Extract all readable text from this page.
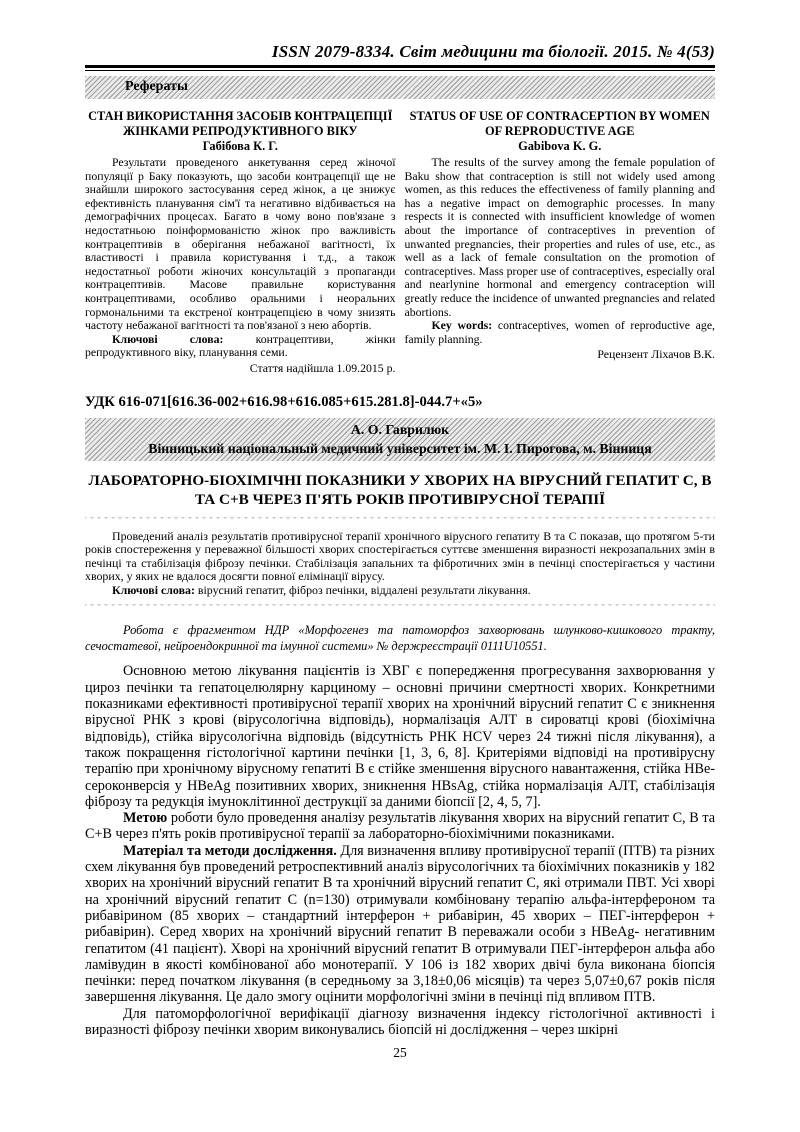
ISSN 2079-8334. Світ медицини та біології. 2015. № 4(53)
Рефераты
СТАН ВИКОРИСТАННЯ ЗАСОБІВ КОНТРАЦЕПЦІЇ
ЖІНКАМИ РЕПРОДУКТИВНОГО ВІКУ
Габібова К. Г.

Результати проведеного анкетування серед жіночої популяції р Баку показують, що засоби контрацепції ще не знайшли широкого застосування серед жінок, а це знижує ефективність планування сім'ї та негативно відбивається на демографічних процесах. Багато в чому воно пов'язане з недостатньою поінформованістю жінок про важливість контрацептивів в оберігання небажаної вагітності, їх властивості і правила користування і т.д., а також недостатньої роботи жіночих консультацій з пропаганди контрацептивів. Масове правильне користування контрацептивами, особливо оральними і неоральних гормональними та екстреної контрацепцією в чому знизять частоту небажаної вагітності та пов'язаної з нею абортів.

Ключові слова: контрацептиви, жінки репродуктивного віку, планування семи.

Стаття надійшла 1.09.2015 р.
STATUS OF USE OF CONTRACEPTION BY WOMEN
OF REPRODUCTIVE AGE
Gabibova K. G.

The results of the survey among the female population of Baku show that contraception is still not widely used among women, as this reduces the effectiveness of family planning and has a negative impact on demographic processes. In many respects it is connected with insufficient knowledge of women about the importance of contraceptives in prevention of unwanted pregnancies, their properties and rules of use, etc., as well as a lack of female consultation on the promotion of contraceptives. Mass proper use of contraceptives, especially oral and nearlynine hormonal and emergency contraception will greatly reduce the incidence of unwanted pregnancies and related abortions.

Key words: contraceptives, women of reproductive age, family planning.

Рецензент Ліхачов В.К.
УДК 616-071[616.36-002+616.98+616.085+615.281.8]-044.7+«5»
А. О. Гаврилюк
Вінницький національный медичний університет ім. М. І. Пирогова, м. Вінниця
ЛАБОРАТОРНО-БІОХІМІЧНІ ПОКАЗНИКИ У ХВОРИХ НА ВІРУСНИЙ ГЕПАТИТ С, В ТА С+В ЧЕРЕЗ П'ЯТЬ РОКІВ ПРОТИВІРУСНОЇ ТЕРАПІЇ

Проведений аналіз результатів противірусної терапії хронічного вірусного гепатиту В та С показав, що протягом 5-ти років спостереження у переважної більшості хворих спостерігається суттєве зменшення виразності некрозапальних змін в печінці та стабілізація фіброзу печінки. Стабілізація запальних та фібротичних змін в печінці спостерігається у частини хворих, у яких не вдалося досягти повної елімінації вірусу.

Ключові слова: вірусний гепатит, фіброз печінки, віддалені результати лікування.

Робота є фрагментом НДР «Морфогенез та патоморфоз захворювань шлунково-кишкового тракту, сечостатевої, нейроендокринної та імунної системи» № держреєстрації 0111U10551.

Основною метою лікування пацієнтів із ХВГ є попередження прогресування захворювання у цироз печінки та гепатоцелюлярну карциному – основні причини смертності хворих. Конкретними показниками ефективності противірусної терапії хворих на хронічний вірусний гепатит С є зникнення вірусної РНК з крові (вірусологічна відповідь), нормалізація АЛТ в сироватці крові (біохімічна відповідь), стійка вірусологічна відповідь (відсутність РНК HCV через 24 тижні після лікування), а також покращення гістологічної картини печінки [1, 3, 6, 8]. Критеріями відповіді на противірусну терапію при хронічному вірусному гепатиті В є стійке зменшення вірусного навантаження, стійка НВе-сероконверсія у HBeAg позитивних хворих, зникнення HBsAg, стійка нормалізація АЛТ, стабілізація фіброзу та редукція імуноклітинної деструкції за даними біопсії [2, 4, 5, 7].

Метою роботи було проведення аналізу результатів лікування хворих на вірусний гепатит С, В та С+В через п'ять років противірусної терапії за лабораторно-біохімічними показниками.

Матеріал та методи дослідження. Для визначення впливу противірусної терапії (ПТВ) та різних схем лікування був проведений ретроспективний аналіз вірусологічних та біохімічних показників у 182 хворих на хронічний вірусний гепатит В та хронічний вірусний гепатит С, які отримали ПВТ. Усі хворі на хронічний вірусний гепатит С (n=130) отримували комбіновану терапію альфа-інтерфероном та рибавірином (85 хворих – стандартний інтерферон + рибавірин, 45 хворих – ПЕГ-інтерферон + рибавірин). Серед хворих на хронічний вірусний гепатит В переважали особи з HBeAg- негативним гепатитом (41 пацієнт). Хворі на хронічний вірусний гепатит В отримували ПЕГ-інтерферон альфа або ламівудин в якості комбінованої або монотерапії. У 106 із 182 хворих двічі була виконана біопсія печінки: перед початком лікування (в середньому за 3,18±0,06 місяців) та через 5,07±0,67 років після завершення лікування. Це дало змогу оцінити морфологічні зміни в печінці під впливом ПТВ.

Для патоморфологічної верифікації діагнозу визначення індексу гістологічної активності і виразності фіброзу печінки хворим виконувались біопсій ні дослідження – через шкірні

25
